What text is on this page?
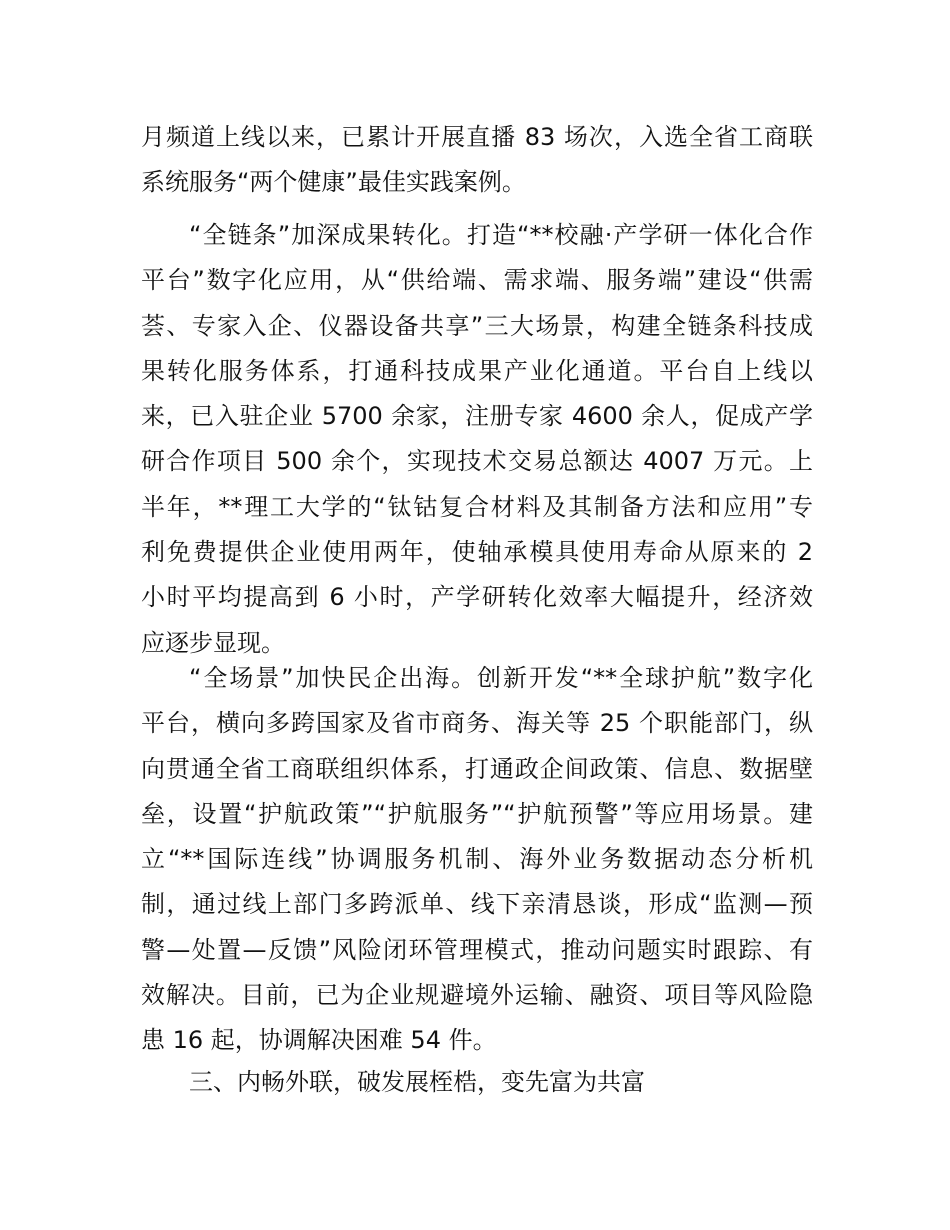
月频道上线以来，已累计开展直播 83 场次，入选全省工商联
系统服务“两个健康”最佳实践案例。
“全链条”加深成果转化。打造“**校融·产学研一体化合作
平台”数字化应用，从“供给端、需求端、服务端”建设“供需
荟、专家入企、仪器设备共享”三大场景，构建全链条科技成
果转化服务体系，打通科技成果产业化通道。平台自上线以
来，已入驻企业 5700 余家，注册专家 4600 余人，促成产学
研合作项目 500 余个，实现技术交易总额达 4007 万元。上
半年，**理工大学的“钛钴复合材料及其制备方法和应用”专
利免费提供企业使用两年，使轴承模具使用寿命从原来的 2
小时平均提高到 6 小时，产学研转化效率大幅提升，经济效
应逐步显现。
“全场景”加快民企出海。创新开发“**全球护航”数字化
平台，横向多跨国家及省市商务、海关等 25 个职能部门，纵
向贯通全省工商联组织体系，打通政企间政策、信息、数据壁
垒，设置“护航政策”“护航服务”“护航预警”等应用场景。建
立“**国际连线”协调服务机制、海外业务数据动态分析机
制，通过线上部门多跨派单、线下亲清恳谈，形成“监测—预
警—处置—反馈”风险闭环管理模式，推动问题实时跟踪、有
效解决。目前，已为企业规避境外运输、融资、项目等风险隐
患 16 起，协调解决困难 54 件。
三、内畅外联，破发展桎梏，变先富为共富
